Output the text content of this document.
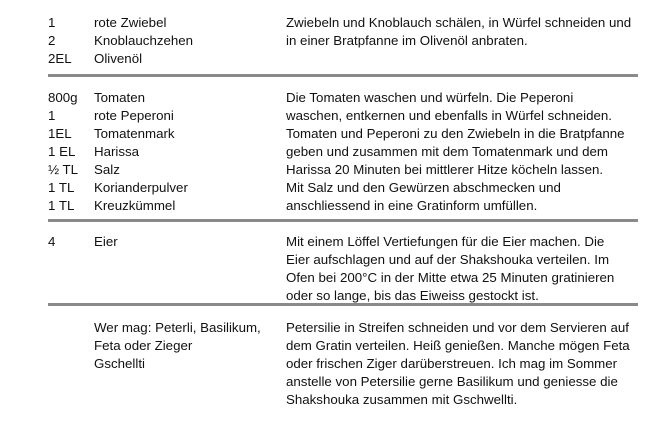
1	rote Zwiebel
2	Knoblauchzehen
2EL	Olivenöl
Zwiebeln und Knoblauch schälen, in Würfel schneiden und
in einer Bratpfanne im Olivenöl anbraten.
800g	Tomaten
1	rote Peperoni
1EL	Tomatenmark
1 EL	Harissa
½ TL	Salz
1 TL	Korianderpulver
1 TL	Kreuzkümmel
Die Tomaten waschen und würfeln. Die Peperoni
waschen, entkernen und ebenfalls in Würfel schneiden.
Tomaten und Peperoni zu den Zwiebeln in die Bratpfanne
geben und zusammen mit dem Tomatenmark und dem
Harissa 20 Minuten bei mittlerer Hitze köcheln lassen.
Mit Salz und den Gewürzen abschmecken und
anschliessend in eine Gratinform umfüllen.
4	Eier	Mit einem Löffel Vertiefungen für die Eier machen. Die
Eier aufschlagen und auf der Shakshouka verteilen. Im
Ofen bei 200°C in der Mitte etwa 25 Minuten gratinieren
oder so lange, bis das Eiweiss gestockt ist.
Wer mag: Peterli, Basilikum,
Feta oder Zieger
Gschellti
Petersilie in Streifen schneiden und vor dem Servieren auf
dem Gratin verteilen. Heiß genießen. Manche mögen Feta
oder frischen Ziger darüberstreuen. Ich mag im Sommer
anstelle von Petersilie gerne Basilikum und geniesse die
Shakshouka zusammen mit Gschwellti.
